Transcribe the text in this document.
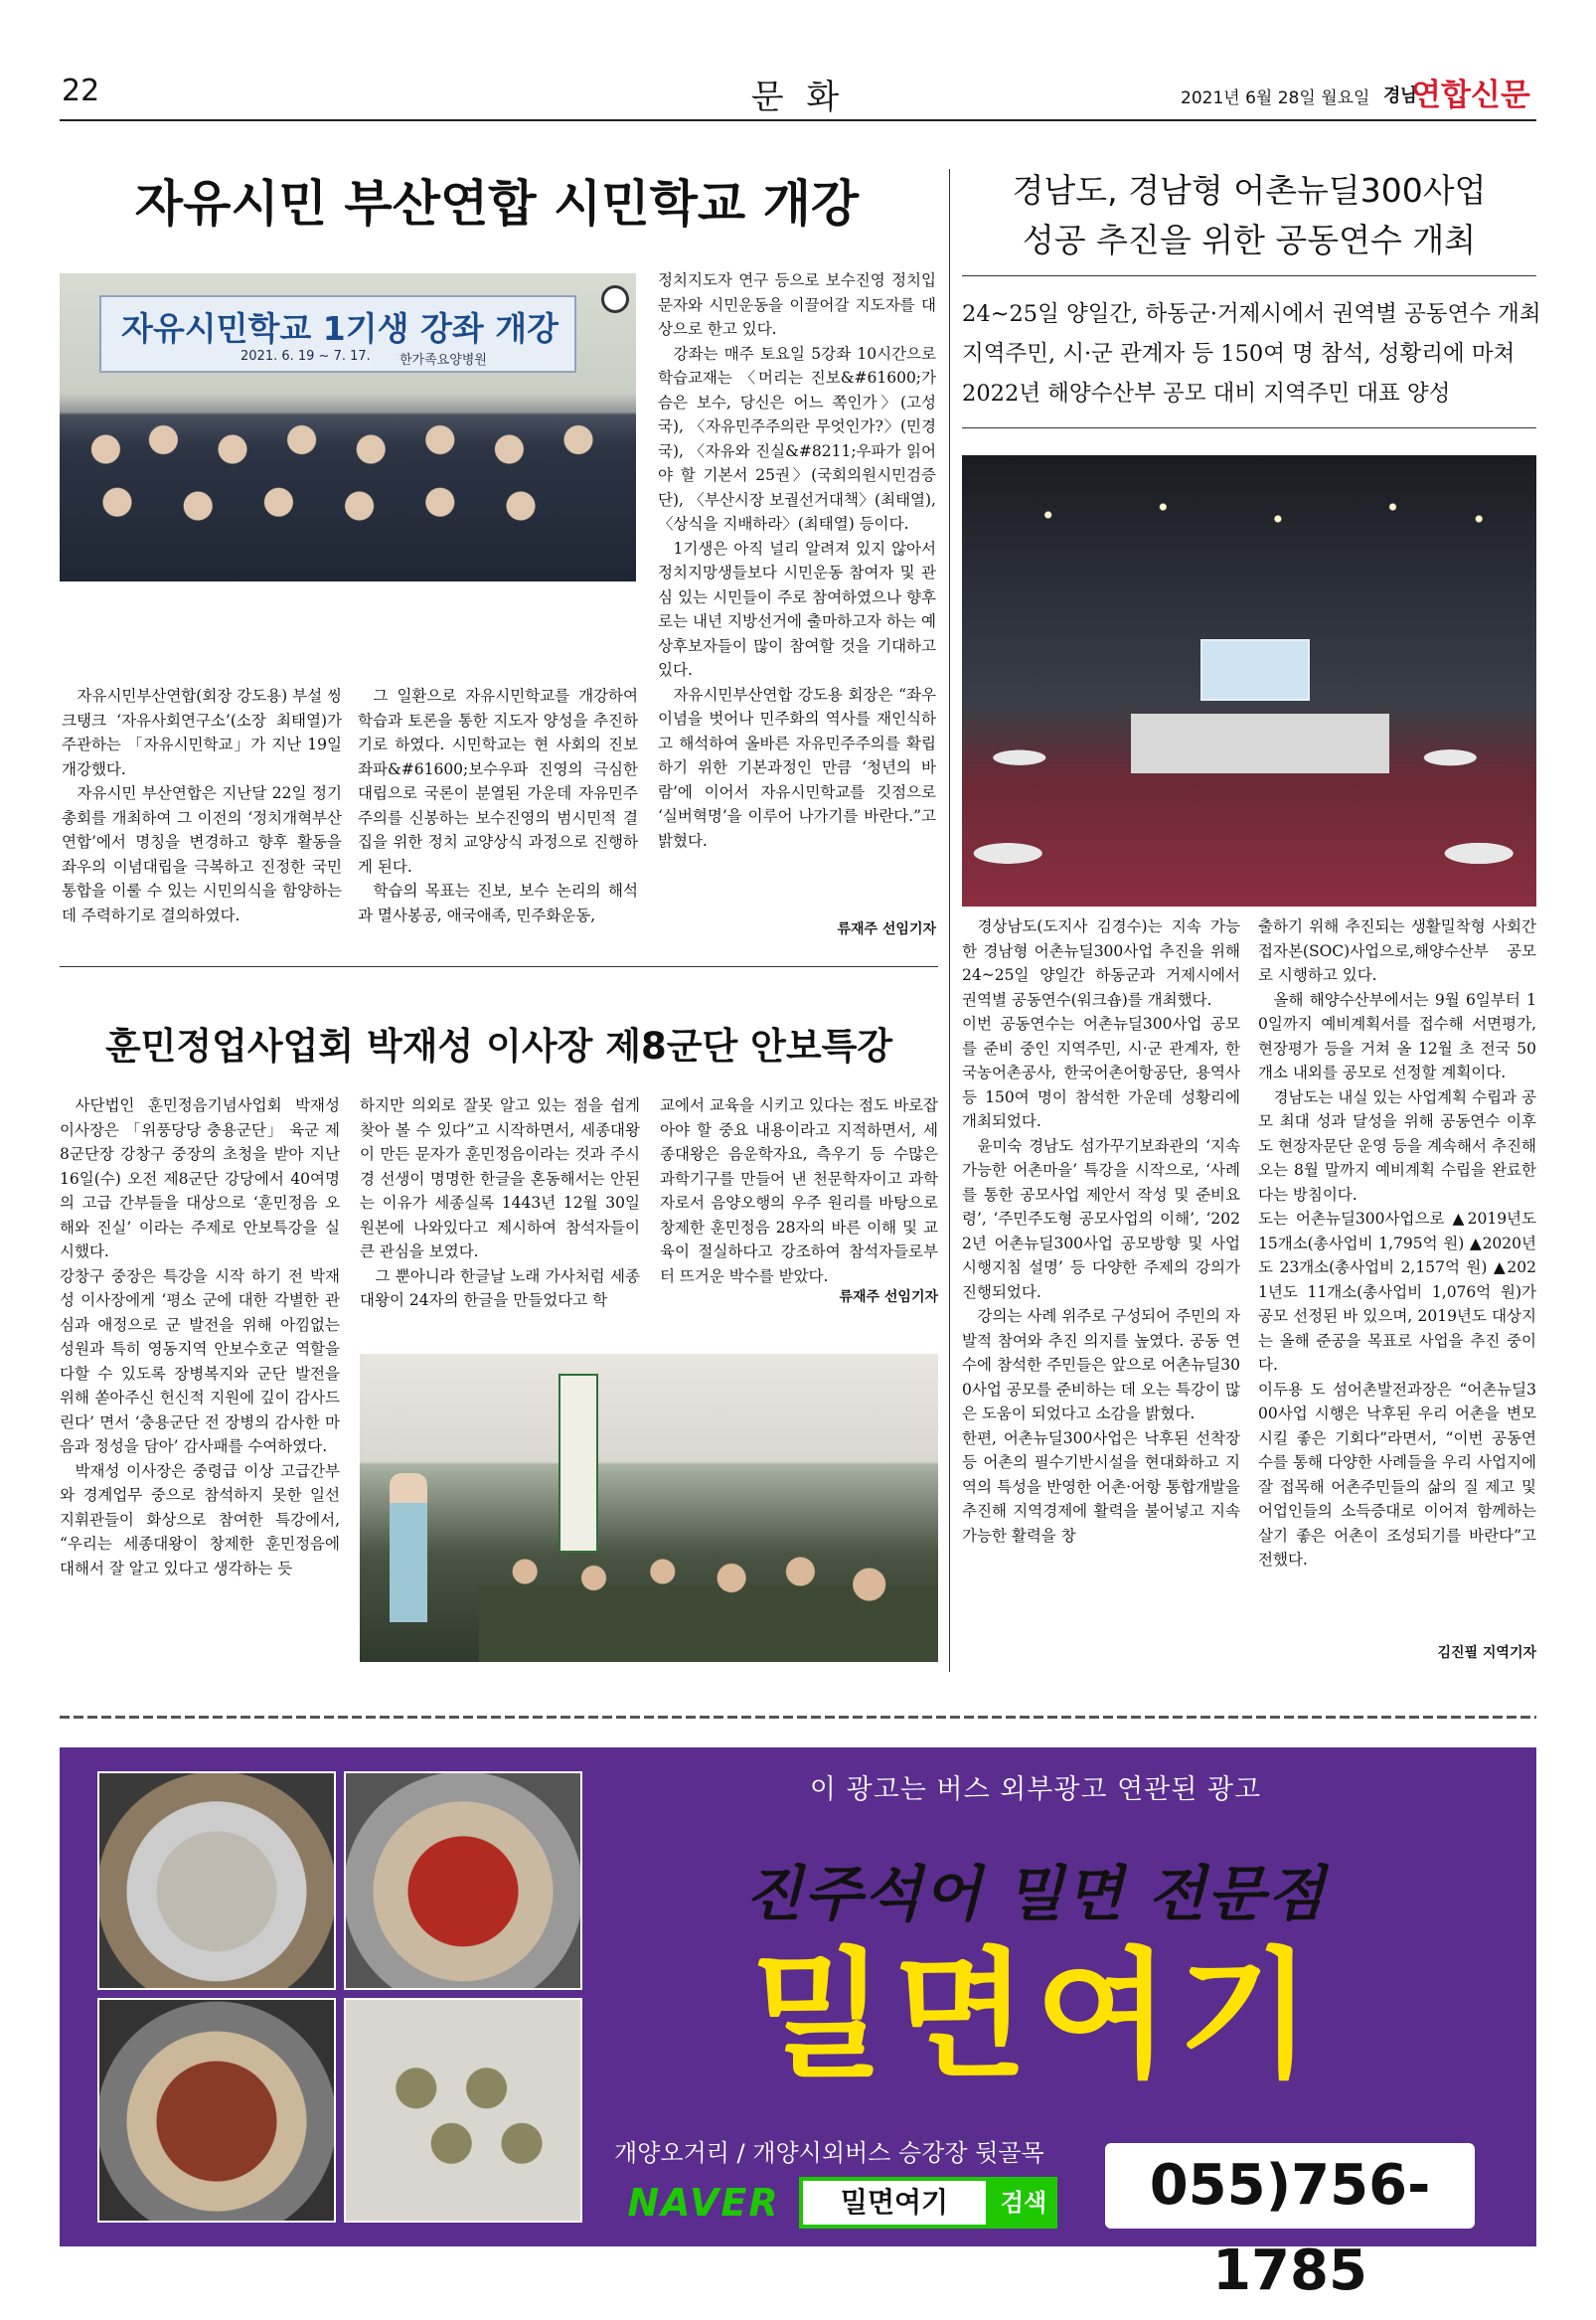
22	문 화	2021년 6월 28일 월요일 경남
연합신문
자유시민 부산연합 시민학교 개강
자유시민학교 1기생 강좌 개강
2021. 6. 19 ~ 7. 17. 한가족요양병원

자유시민부산연합(회장 강도용) 부설 씽크탱크 ‘자유사회연구소’(소장 최태열)가 주관하는 「자유시민학교」가 지난 19일 개강했다.

자유시민 부산연합은 지난달 22일 정기총회를 개최하여 그 이전의 ‘정치개혁부산연합’에서 명칭을 변경하고 향후 활동을 좌우의 이념대립을 극복하고 진정한 국민통합을 이룰 수 있는 시민의식을 함양하는 데 주력하기로 결의하였다.

그 일환으로 자유시민학교를 개강하여 학습과 토론을 통한 지도자 양성을 추진하기로 하였다. 시민학교는 현 사회의 진보좌파&#61600;보수우파 진영의 극심한 대립으로 국론이 분열된 가운데 자유민주주의를 신봉하는 보수진영의 범시민적 결집을 위한 정치 교양상식 과정으로 진행하게 된다.

학습의 목표는 진보, 보수 논리의 해석과 멸사봉공, 애국애족, 민주화운동,

정치지도자 연구 등으로 보수진영 정치입문자와 시민운동을 이끌어갈 지도자를 대상으로 한고 있다.

강좌는 매주 토요일 5강좌 10시간으로 학습교재는 〈머리는 진보&#61600;가슴은 보수, 당신은 어느 쪽인가〉(고성국), 〈자유민주주의란 무엇인가?〉(민경국), 〈자유와 진실&#8211;우파가 읽어야 할 기본서 25권〉(국회의원시민검증단), 〈부산시장 보궐선거대책〉(최태열), 〈상식을 지배하라〉(최태열) 등이다.

1기생은 아직 널리 알려져 있지 않아서 정치지망생들보다 시민운동 참여자 및 관심 있는 시민들이 주로 참여하였으나 향후로는 내년 지방선거에 출마하고자 하는 예상후보자들이 많이 참여할 것을 기대하고 있다.

자유시민부산연합 강도용 회장은 “좌우 이념을 벗어나 민주화의 역사를 재인식하고 해석하여 올바른 자유민주주의를 확립하기 위한 기본과정인 만큼 ‘청년의 바람’에 이어서 자유시민학교를 깃점으로 ‘실버혁명’을 이루어 나가기를 바란다.”고 밝혔다.

류재주 선임기자
경남도, 경남형 어촌뉴딜300사업
성공 추진을 위한 공동연수 개최
24~25일 양일간, 하동군·거제시에서 권역별 공동연수 개최
지역주민, 시·군 관계자 등 150여 명 참석, 성황리에 마쳐
2022년 해양수산부 공모 대비 지역주민 대표 양성

경상남도(도지사 김경수)는 지속 가능한 경남형 어촌뉴딜300사업 추진을 위해 24~25일 양일간 하동군과 거제시에서 권역별 공동연수(워크숍)를 개최했다.

이번 공동연수는 어촌뉴딜300사업 공모를 준비 중인 지역주민, 시·군 관계자, 한국농어촌공사, 한국어촌어항공단, 용역사 등 150여 명이 참석한 가운데 성황리에 개최되었다.

윤미숙 경남도 섬가꾸기보좌관의 ‘지속 가능한 어촌마을’ 특강을 시작으로, ‘사례를 통한 공모사업 제안서 작성 및 준비요령’, ‘주민주도형 공모사업의 이해’, ‘2022년 어촌뉴딜300사업 공모방향 및 사업 시행지침 설명’ 등 다양한 주제의 강의가 진행되었다.

강의는 사례 위주로 구성되어 주민의 자발적 참여와 추진 의지를 높였다. 공동 연수에 참석한 주민들은 앞으로 어촌뉴딜300사업 공모를 준비하는 데 오는 특강이 많은 도움이 되었다고 소감을 밝혔다.

한편, 어촌뉴딜300사업은 낙후된 선착장 등 어촌의 필수기반시설을 현대화하고 지역의 특성을 반영한 어촌·어항 통합개발을 추진해 지역경제에 활력을 불어넣고 지속가능한 활력을 창

출하기 위해 추진되는 생활밀착형 사회간접자본(SOC)사업으로,해양수산부 공모로 시행하고 있다.

올해 해양수산부에서는 9월 6일부터 10일까지 예비계획서를 접수해 서면평가, 현장평가 등을 거쳐 올 12월 초 전국 50개소 내외를 공모로 선정할 계획이다.

경남도는 내실 있는 사업계획 수립과 공모 최대 성과 달성을 위해 공동연수 이후 도 현장자문단 운영 등을 계속해서 추진해 오는 8월 말까지 예비계획 수립을 완료한다는 방침이다.

도는 어촌뉴딜300사업으로 ▲2019년도 15개소(총사업비 1,795억 원) ▲2020년도 23개소(총사업비 2,157억 원) ▲2021년도 11개소(총사업비 1,076억 원)가 공모 선정된 바 있으며, 2019년도 대상지는 올해 준공을 목표로 사업을 추진 중이다.

이두용 도 섬어촌발전과장은 “어촌뉴딜300사업 시행은 낙후된 우리 어촌을 변모시킬 좋은 기회다”라면서, “이번 공동연수를 통해 다양한 사례들을 우리 사업지에 잘 접목해 어촌주민들의 삶의 질 제고 및 어업인들의 소득증대로 이어져 함께하는 살기 좋은 어촌이 조성되기를 바란다”고 전했다.

김진필 지역기자
훈민정업사업회 박재성 이사장 제8군단 안보특강

사단법인 훈민정음기념사업회 박재성 이사장은 「위풍당당 충용군단」 육군 제8군단장 강창구 중장의 초청을 받아 지난 16일(수) 오전 제8군단 강당에서 40여명의 고급 간부들을 대상으로 ‘훈민정음 오해와 진실’ 이라는 주제로 안보특강을 실시했다.

강창구 중장은 특강을 시작 하기 전 박재성 이사장에게 ‘평소 군에 대한 각별한 관심과 애정으로 군 발전을 위해 아낌없는 성원과 특히 영동지역 안보수호군 역할을 다할 수 있도록 장병복지와 군단 발전을 위해 쏟아주신 헌신적 지원에 깊이 감사드린다’ 면서 ‘충용군단 전 장병의 감사한 마음과 정성을 담아’ 감사패를 수여하였다.

박재성 이사장은 중령급 이상 고급간부와 경계업무 중으로 참석하지 못한 일선 지휘관들이 화상으로 참여한 특강에서, “우리는 세종대왕이 창제한 훈민정음에 대해서 잘 알고 있다고 생각하는 듯

하지만 의외로 잘못 알고 있는 점을 쉽게 찾아 볼 수 있다”고 시작하면서, 세종대왕이 만든 문자가 훈민정음이라는 것과 주시경 선생이 명명한 한글을 혼동해서는 안된는 이유가 세종실록 1443년 12월 30일 원본에 나와있다고 제시하여 참석자들이 큰 관심을 보였다.

그 뿐아니라 한글날 노래 가사처럼 세종대왕이 24자의 한글을 만들었다고 학

교에서 교육을 시키고 있다는 점도 바로잡아야 할 중요 내용이라고 지적하면서, 세종대왕은 음운학자요, 측우기 등 수많은 과학기구를 만들어 낸 천문학자이고 과학자로서 음양오행의 우주 원리를 바탕으로 창제한 훈민정음 28자의 바른 이해 및 교육이 절실하다고 강조하여 참석자들로부터 뜨거운 박수를 받았다.

류재주 선임기자
이 광고는 버스 외부광고 연관된 광고
진주석어 밀면 전문점
밀면여기
개양오거리 / 개양시외버스 승강장 뒷골목
NAVER	밀면여기	검색	055)756-1785
